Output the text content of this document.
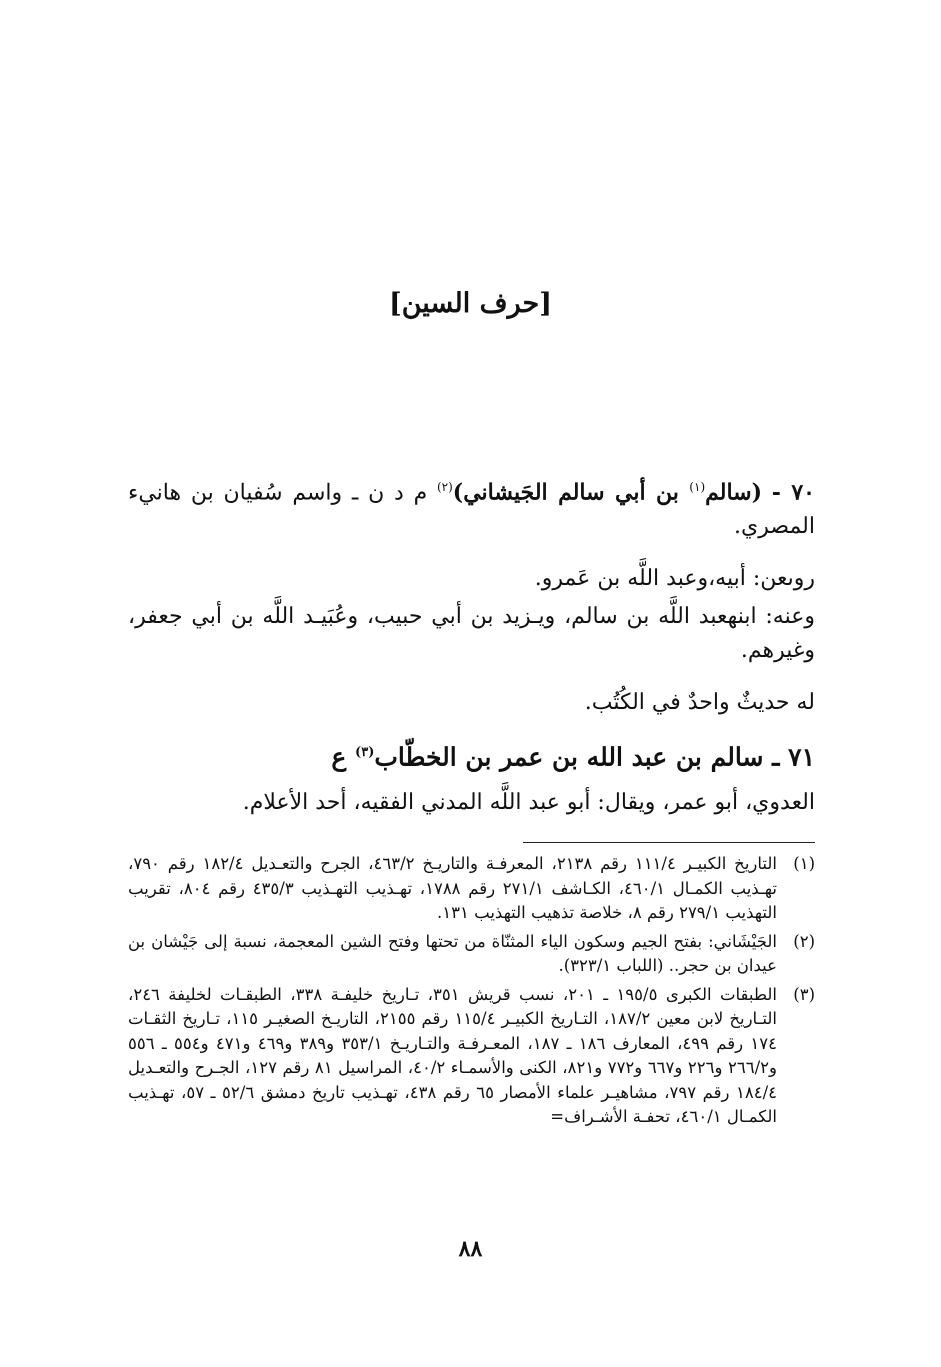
[حرف السين]
٧٠ - (سالم$^{(١)}$ بن أبي سالم الجَيشاني)$^{(٢)}$ م د ن ـ واسم سُفيان بن هانيء المصري.
روىعن: أبيه،وعبد اللَّه بن عَمرو.
وعنه: ابنهعبد اللَّه بن سالم، ويـزيد بن أبي حبيب، وعُبَيـد اللَّه بن أبي جعفر، وغيرهم.
له حديثٌ واحدٌ في الكُتُب.
٧١ ـ سالم بن عبد الله بن عمر بن الخطّاب$^{(٣)}$ ع
العدوي، أبو عمر، ويقال: أبو عبد اللَّه المدني الفقيه، أحد الأعلام.
(١)
التاريخ الكبيـر ١١١/٤ رقم ٢١٣٨، المعرفـة والتاريـخ ٤٦٣/٢، الجرح والتعـديل ١٨٢/٤ رقم ٧٩٠، تهـذيب الكمـال ٤٦٠/١، الكـاشف ٢٧١/١ رقم ١٧٨٨، تهـذيب التهـذيب ٤٣٥/٣ رقم ٨٠٤، تقريب التهذيب ٢٧٩/١ رقم ٨، خلاصة تذهيب التهذيب ١٣١.
(٢)
الجَيْشَاني: بفتح الجيم وسكون الياء المثنّاة من تحتها وفتح الشين المعجمة، نسبة إلى جَيْشان بن عيدان بن حجر.. (اللباب ٣٢٣/١).
(٣)
الطبقات الكبرى ١٩٥/٥ ـ ٢٠١، نسب قريش ٣٥١، تـاريخ خليفـة ٣٣٨، الطبقـات لخليفة ٢٤٦، التـاريخ لابن معين ١٨٧/٢، التـاريخ الكبيـر ١١٥/٤ رقم ٢١٥٥، التاريـخ الصغيـر ١١٥، تـاريخ الثقـات ١٧٤ رقم ٤٩٩، المعارف ١٨٦ ـ ١٨٧، المعـرفـة والتـاريـخ ٣٥٣/١ و٣٨٩ و٤٦٩ و٤٧١ و٥٥٤ ـ ٥٥٦ و٢٦٦/٢ و٢٢٦ و٦٦٧ و٧٧٢ و٨٢١، الكنى والأسمـاء ٤٠/٢، المراسيل ٨١ رقم ١٢٧، الجـرح والتعـديل ١٨٤/٤ رقم ٧٩٧، مشاهيـر علماء الأمصار ٦٥ رقم ٤٣٨، تهـذيب تاريخ دمشق ٥٢/٦ ـ ٥٧، تهـذيب الكمـال ٤٦٠/١، تحفـة الأشـراف=
٨٨
